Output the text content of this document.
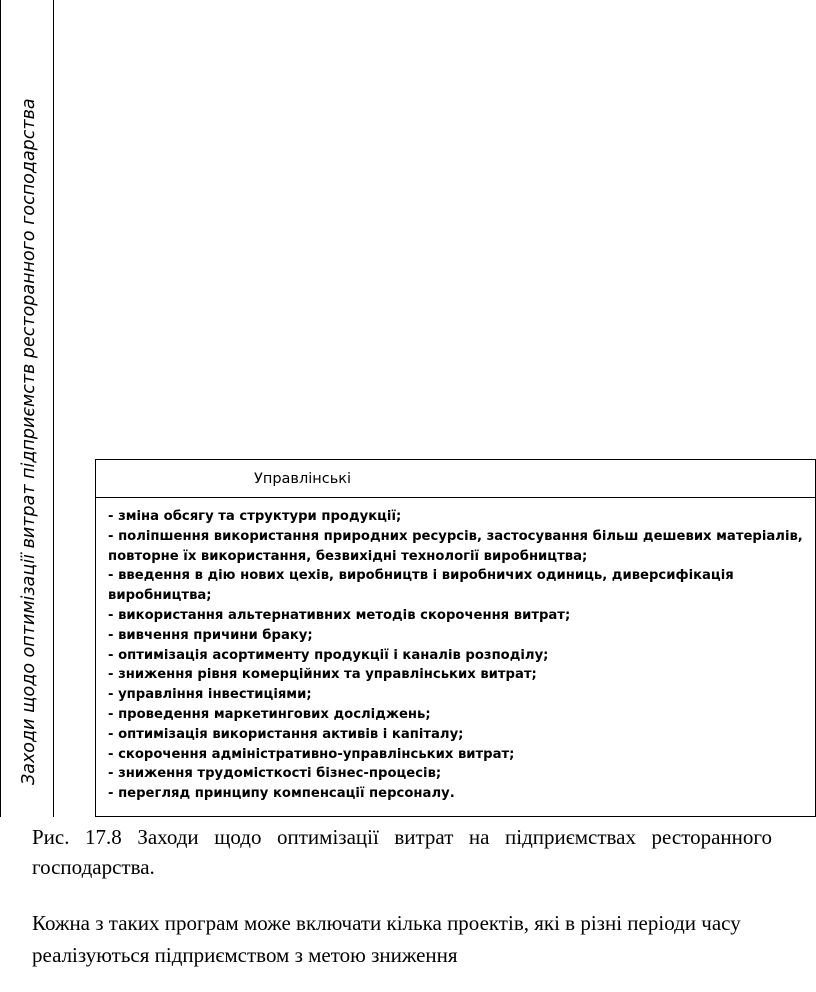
Заходи щодо оптимізації витрат підприємств ресторанного господарства	Управлінські
- зміна обсягу та структури продукції;
- поліпшення використання природних ресурсів, застосування більш дешевих матеріалів, повторне їх використання, безвихідні технології виробництва;
- введення в дію нових цехів, виробництв і виробничих одиниць, диверсифікація виробництва;
- використання альтернативних методів скорочення витрат;
- вивчення причини браку;
- оптимізація асортименту продукції і каналів розподілу;
- зниження рівня комерційних та управлінських витрат;
- управління інвестиціями;
- проведення маркетингових досліджень;
- оптимізація використання активів і капіталу;
- скорочення адміністративно-управлінських витрат;
- зниження трудомісткості бізнес-процесів;
- перегляд принципу компенсації персоналу.
Рис. 17.8 Заходи щодо оптимізації витрат на підприємствах ресторанного господарства.
Кожна з таких програм може включати кілька проектів, які в різні періоди часу реалізуються підприємством з метою зниження
